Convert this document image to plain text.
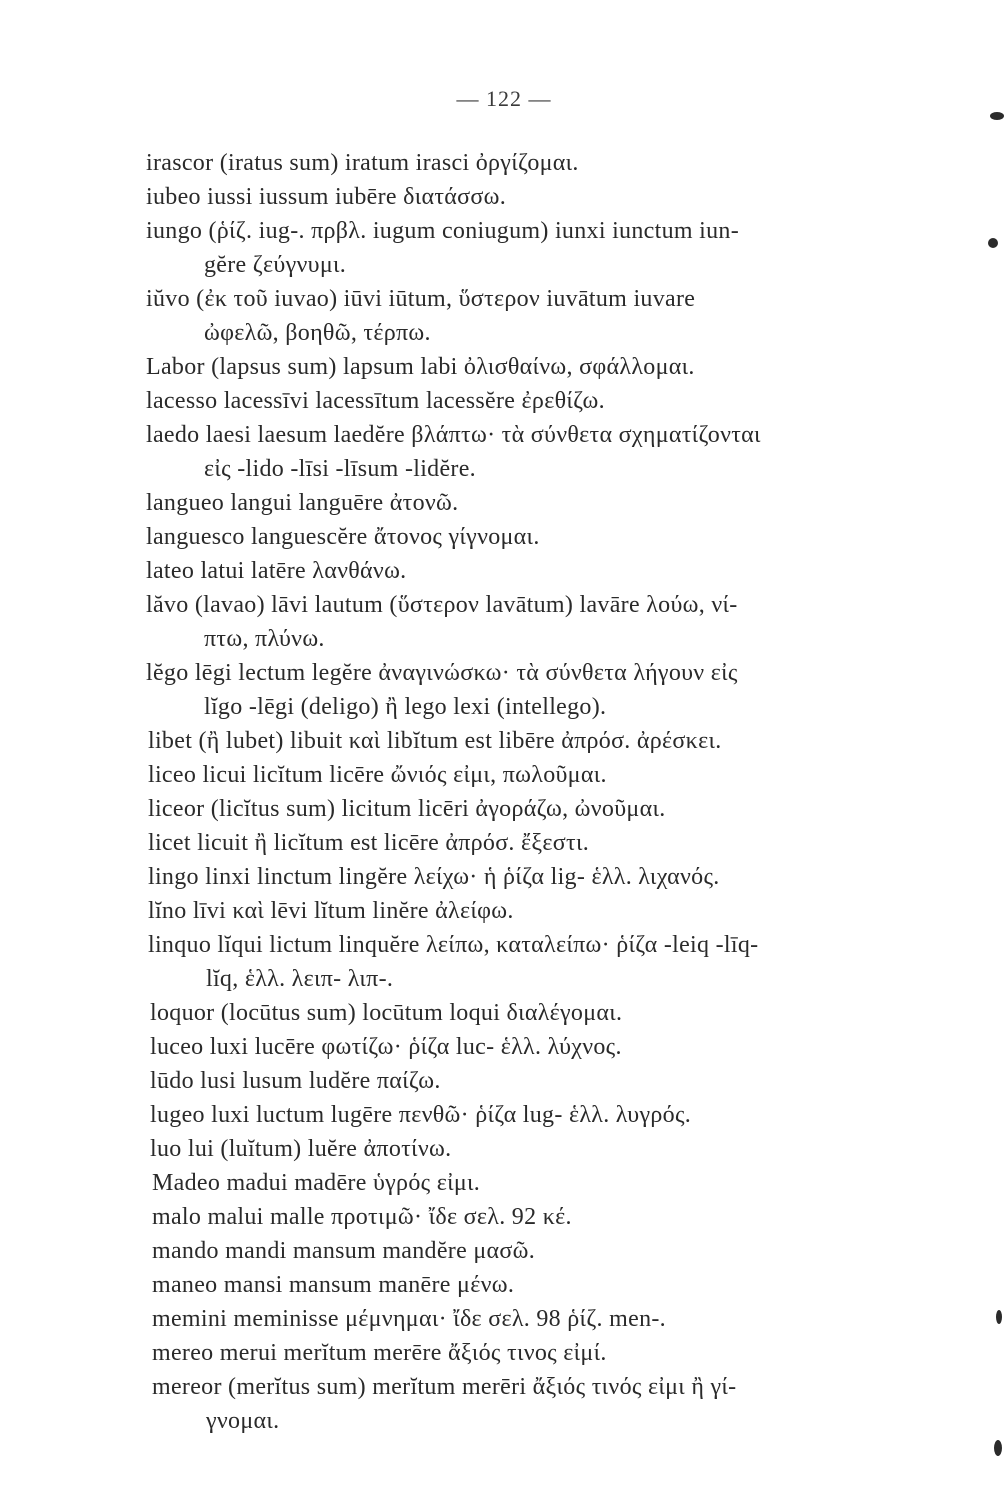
— 122 —
irascor (iratus sum) iratum irasci ὀργίζομαι.
iubeo iussi iussum iubēre διατάσσω.
iungo (ῥίζ. iug-. πρβλ. iugum coniugum) iunxi iunctum iun-
gĕre ζεύγνυμι.
iŭvo (ἐκ τοῦ iuvao) iūvi iūtum, ὕστερον iuvātum iuvare
ὠφελῶ, βοηθῶ, τέρπω.
Labor (lapsus sum) lapsum labi ὀλισθαίνω, σφάλλομαι.
lacesso lacessīvi lacessītum lacessĕre ἐρεθίζω.
laedo laesi laesum laedĕre βλάπτω· τὰ σύνθετα σχηματίζονται
εἰς -lido -līsi -līsum -lidĕre.
langueo langui languēre ἀτονῶ.
languesco languescĕre ἄτονος γίγνομαι.
lateo latui latēre λανθάνω.
lăvo (lavao) lāvi lautum (ὕστερον lavātum) lavāre λούω, νί-
πτω, πλύνω.
lĕgo lēgi lectum legĕre ἀναγινώσκω· τὰ σύνθετα λήγουν εἰς
lĭgo -lēgi (deligo) ἢ lego lexi (intellego).
libet (ἢ lubet) libuit καὶ libĭtum est libēre ἀπρόσ. ἀρέσκει.
liceo licui licĭtum licēre ὤνιός εἰμι, πωλοῦμαι.
liceor (licĭtus sum) licitum licēri ἀγοράζω, ὠνοῦμαι.
licet licuit ἢ licĭtum est licēre ἀπρόσ. ἔξεστι.
lingo linxi linctum lingĕre λείχω· ἡ ῥίζα lig- ἑλλ. λιχανός.
lĭno līvi καὶ lēvi lĭtum linĕre ἀλείφω.
linquo lĭqui lictum linquĕre λείπω, καταλείπω· ῥίζα -leiq -līq-
lĭq, ἑλλ. λειπ- λιπ-.
loquor (locūtus sum) locūtum loqui διαλέγομαι.
luceo luxi lucēre φωτίζω· ῥίζα luc- ἑλλ. λύχνος.
lūdo lusi lusum ludĕre παίζω.
lugeo luxi luctum lugēre πενθῶ· ῥίζα lug- ἑλλ. λυγρός.
luo lui (luĭtum) luĕre ἀποτίνω.
Madeo madui madēre ὑγρός εἰμι.
malo malui malle προτιμῶ· ἴδε σελ. 92 κέ.
mando mandi mansum mandĕre μασῶ.
maneo mansi mansum manēre μένω.
memini meminisse μέμνημαι· ἴδε σελ. 98 ῥίζ. men-.
mereo merui merĭtum merēre ἄξιός τινος εἰμί.
mereor (merĭtus sum) merĭtum merēri ἄξιός τινός εἰμι ἢ γί-
γνομαι.
